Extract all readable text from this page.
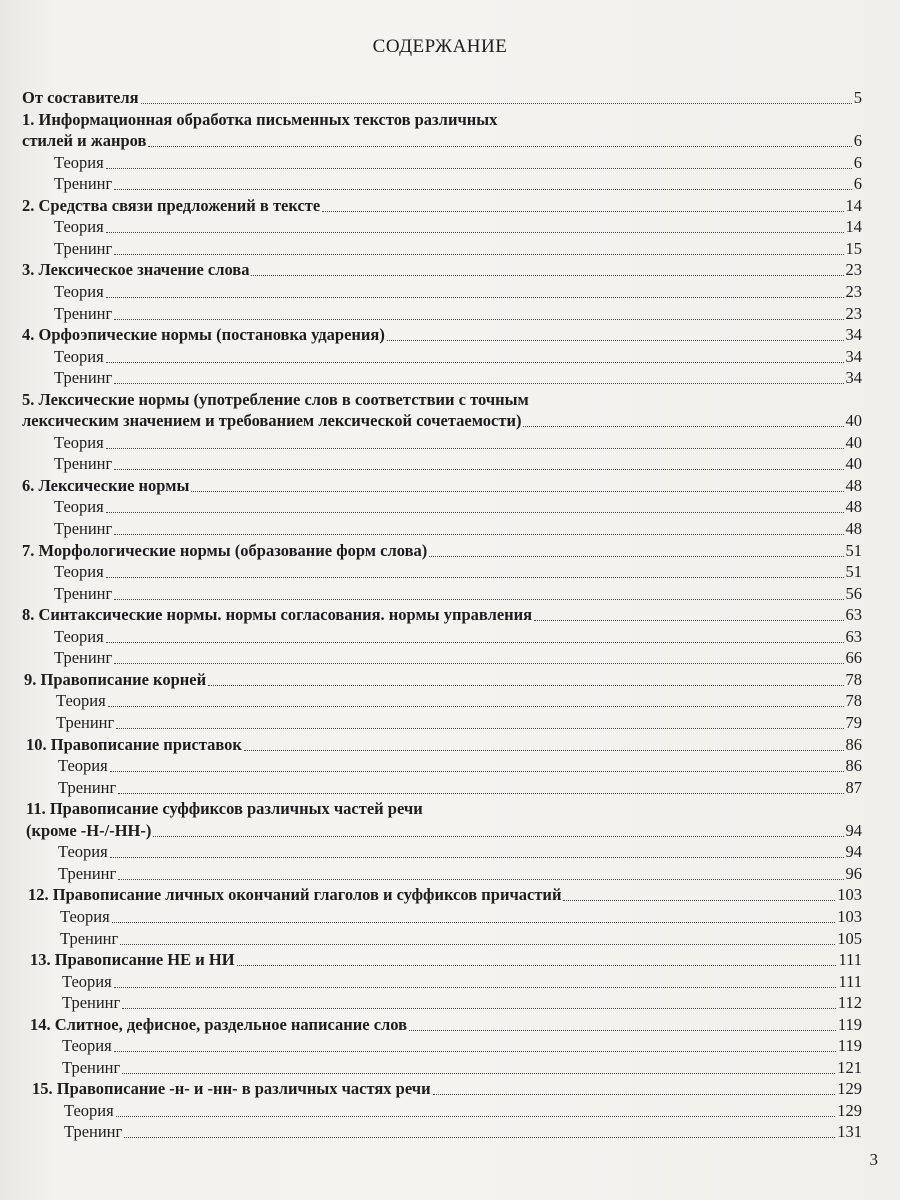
СОДЕРЖАНИЕ
От составителя	5
1. Информационная обработка письменных текстов различных
стилей и жанров	6
Теория	6
Тренинг	6
2. Средства связи предложений в тексте	14
Теория	14
Тренинг	15
3. Лексическое значение слова	23
Теория	23
Тренинг	23
4. Орфоэпические нормы (постановка ударения)	34
Теория	34
Тренинг	34
5. Лексические нормы (употребление слов в соответствии с точным
лексическим значением и требованием лексической сочетаемости)	40
Теория	40
Тренинг	40
6. Лексические нормы	48
Теория	48
Тренинг	48
7. Морфологические нормы (образование форм слова)	51
Теория	51
Тренинг	56
8. Синтаксические нормы. нормы согласования. нормы управления	63
Теория	63
Тренинг	66
9. Правописание корней	78
Теория	78
Тренинг	79
10. Правописание приставок	86
Теория	86
Тренинг	87
11. Правописание суффиксов различных частей речи
(кроме -Н-/-НН-)	94
Теория	94
Тренинг	96
12. Правописание личных окончаний глаголов и суффиксов причастий	103
Теория	103
Тренинг	105
13. Правописание НЕ и НИ	111
Теория	111
Тренинг	112
14. Слитное, дефисное, раздельное написание слов	119
Теория	119
Тренинг	121
15. Правописание -н- и -нн- в различных частях речи	129
Теория	129
Тренинг	131
3
